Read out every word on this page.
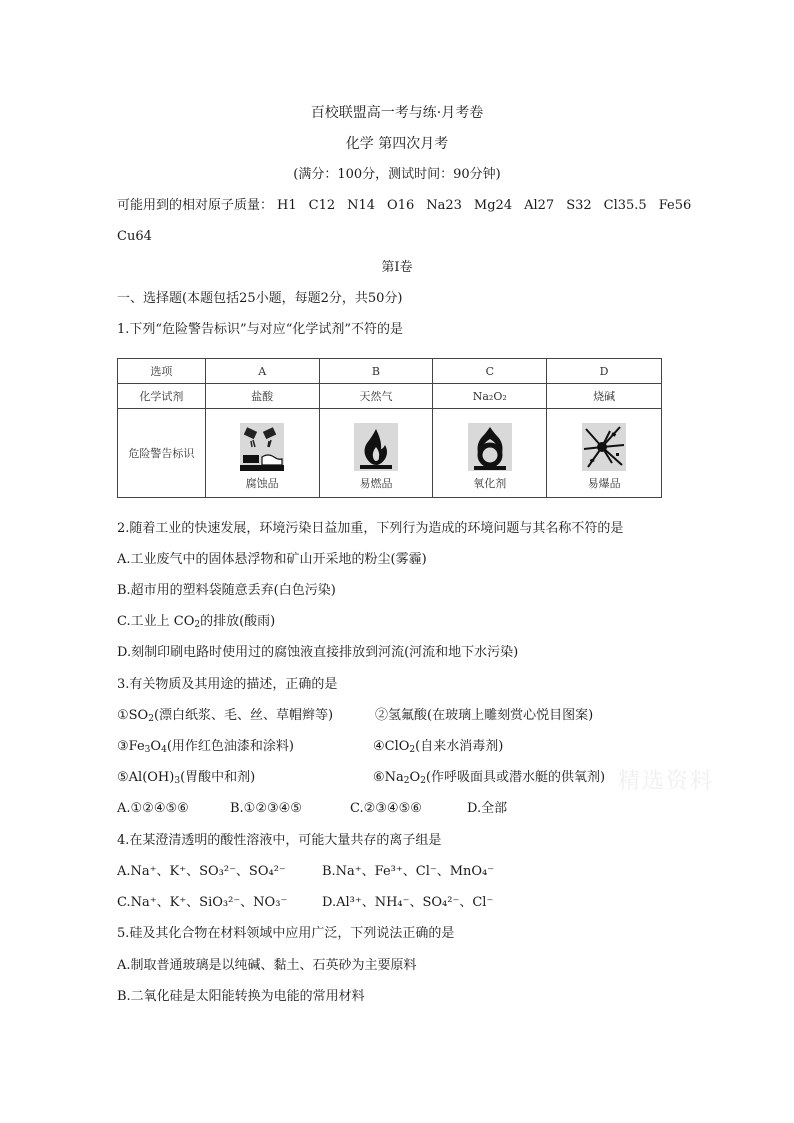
百校联盟高一考与练·月考卷
化学 第四次月考
(满分：100分，测试时间：90分钟)
可能用到的相对原子质量： H1 C12 N14 O16 Na23 Mg24 Al27 S32 Cl35.5 Fe56
Cu64
第Ⅰ卷
一、选择题(本题包括25小题，每题2分，共50分)
1.下列“危险警告标识”与对应“化学试剂”不符的是
选项	A	B	C	D
化学试剂	盐酸	天然气	Na₂O₂	烧碱
危险警告标识	腐蚀品	易燃品	氧化剂	易爆品
2.随着工业的快速发展，环境污染日益加重，下列行为造成的环境问题与其名称不符的是
A.工业废气中的固体悬浮物和矿山开采地的粉尘(雾霾)
B.超市用的塑料袋随意丢弃(白色污染)
C.工业上 $CO_2$的排放(酸雨)
D.刻制印刷电路时使用过的腐蚀液直接排放到河流(河流和地下水污染)
3.有关物质及其用途的描述，正确的是
$①SO_2$(漂白纸浆、毛、丝、草帽辫等)	②氢氟酸(在玻璃上雕刻赏心悦目图案)
$③Fe_3O_4$(用作红色油漆和涂料)	④ClO$_2$(自来水消毒剂)
$⑤Al(OH)_3$(胃酸中和剂)	$⑥Na_2O_2$(作呼吸面具或潜水艇的供氧剂) 精选资料
A.①②④⑤⑥	B.①②③④⑤	C.②③④⑤⑥	D.全部
4.在某澄清透明的酸性溶液中，可能大量共存的离子组是
A.Na⁺、K⁺、SO₃²⁻、SO₄²⁻	B.Na⁺、Fe³⁺、Cl⁻、MnO₄⁻
C.Na⁺、K⁺、SiO₃²⁻、NO₃⁻	D.Al³⁺、NH₄⁻、SO₄²⁻、Cl⁻
5.硅及其化合物在材料领域中应用广泛，下列说法正确的是
A.制取普通玻璃是以纯碱、黏土、石英砂为主要原料
B.二氧化硅是太阳能转换为电能的常用材料
